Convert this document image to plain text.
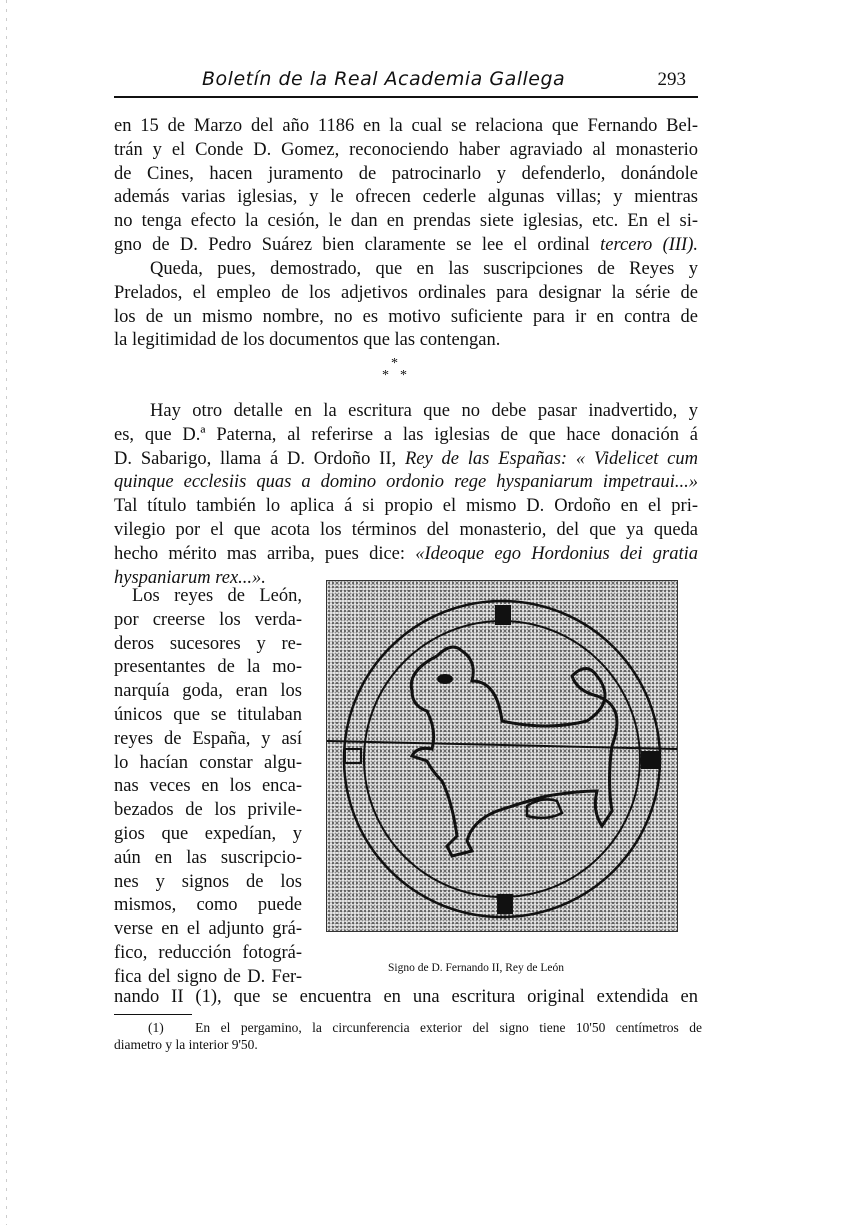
Boletín de la Real Academia Gallega	293
en 15 de Marzo del año 1186 en la cual se relaciona que Fernando Bel-
trán y el Conde D. Gomez, reconociendo haber agraviado al monasterio
de Cines, hacen juramento de patrocinarlo y defenderlo, donándole
además varias iglesias, y le ofrecen cederle algunas villas; y mientras
no tenga efecto la cesión, le dan en prendas siete iglesias, etc. En el si-
gno de D. Pedro Suárez bien claramente se lee el ordinal tercero (III).
Queda, pues, demostrado, que en las suscripciones de Reyes y
Prelados, el empleo de los adjetivos ordinales para designar la série de
los de un mismo nombre, no es motivo suficiente para ir en contra de
la legitimidad de los documentos que las contengan.
*
* *
Hay otro detalle en la escritura que no debe pasar inadvertido, y
es, que D.ª Paterna, al referirse a las iglesias de que hace donación á
D. Sabarigo, llama á D. Ordoño II, Rey de las Españas: « Videlicet cum
quinque ecclesiis quas a domino ordonio rege hyspaniarum impetraui...»
Tal título también lo aplica á si propio el mismo D. Ordoño en el pri-
vilegio por el que acota los términos del monasterio, del que ya queda
hecho mérito mas arriba, pues dice: «Ideoque ego Hordonius dei gratia
hyspaniarum rex...».
Los reyes de León,
por creerse los verda-
deros sucesores y re-
presentantes de la mo-
narquía goda, eran los
únicos que se titulaban
reyes de España, y así
lo hacían constar algu-
nas veces en los enca-
bezados de los privile-
gios que expedían, y
aún en las suscripcio-
nes y signos de los
mismos, como puede
verse en el adjunto grá-
fico, reducción fotográ-
fica del signo de D. Fer-
nando II (1), que se encuentra en una escritura original extendida en
Signo de D. Fernando II, Rey de León
(1) En el pergamino, la circunferencia exterior del signo tiene 10'50 centímetros de
diametro y la interior 9'50.
